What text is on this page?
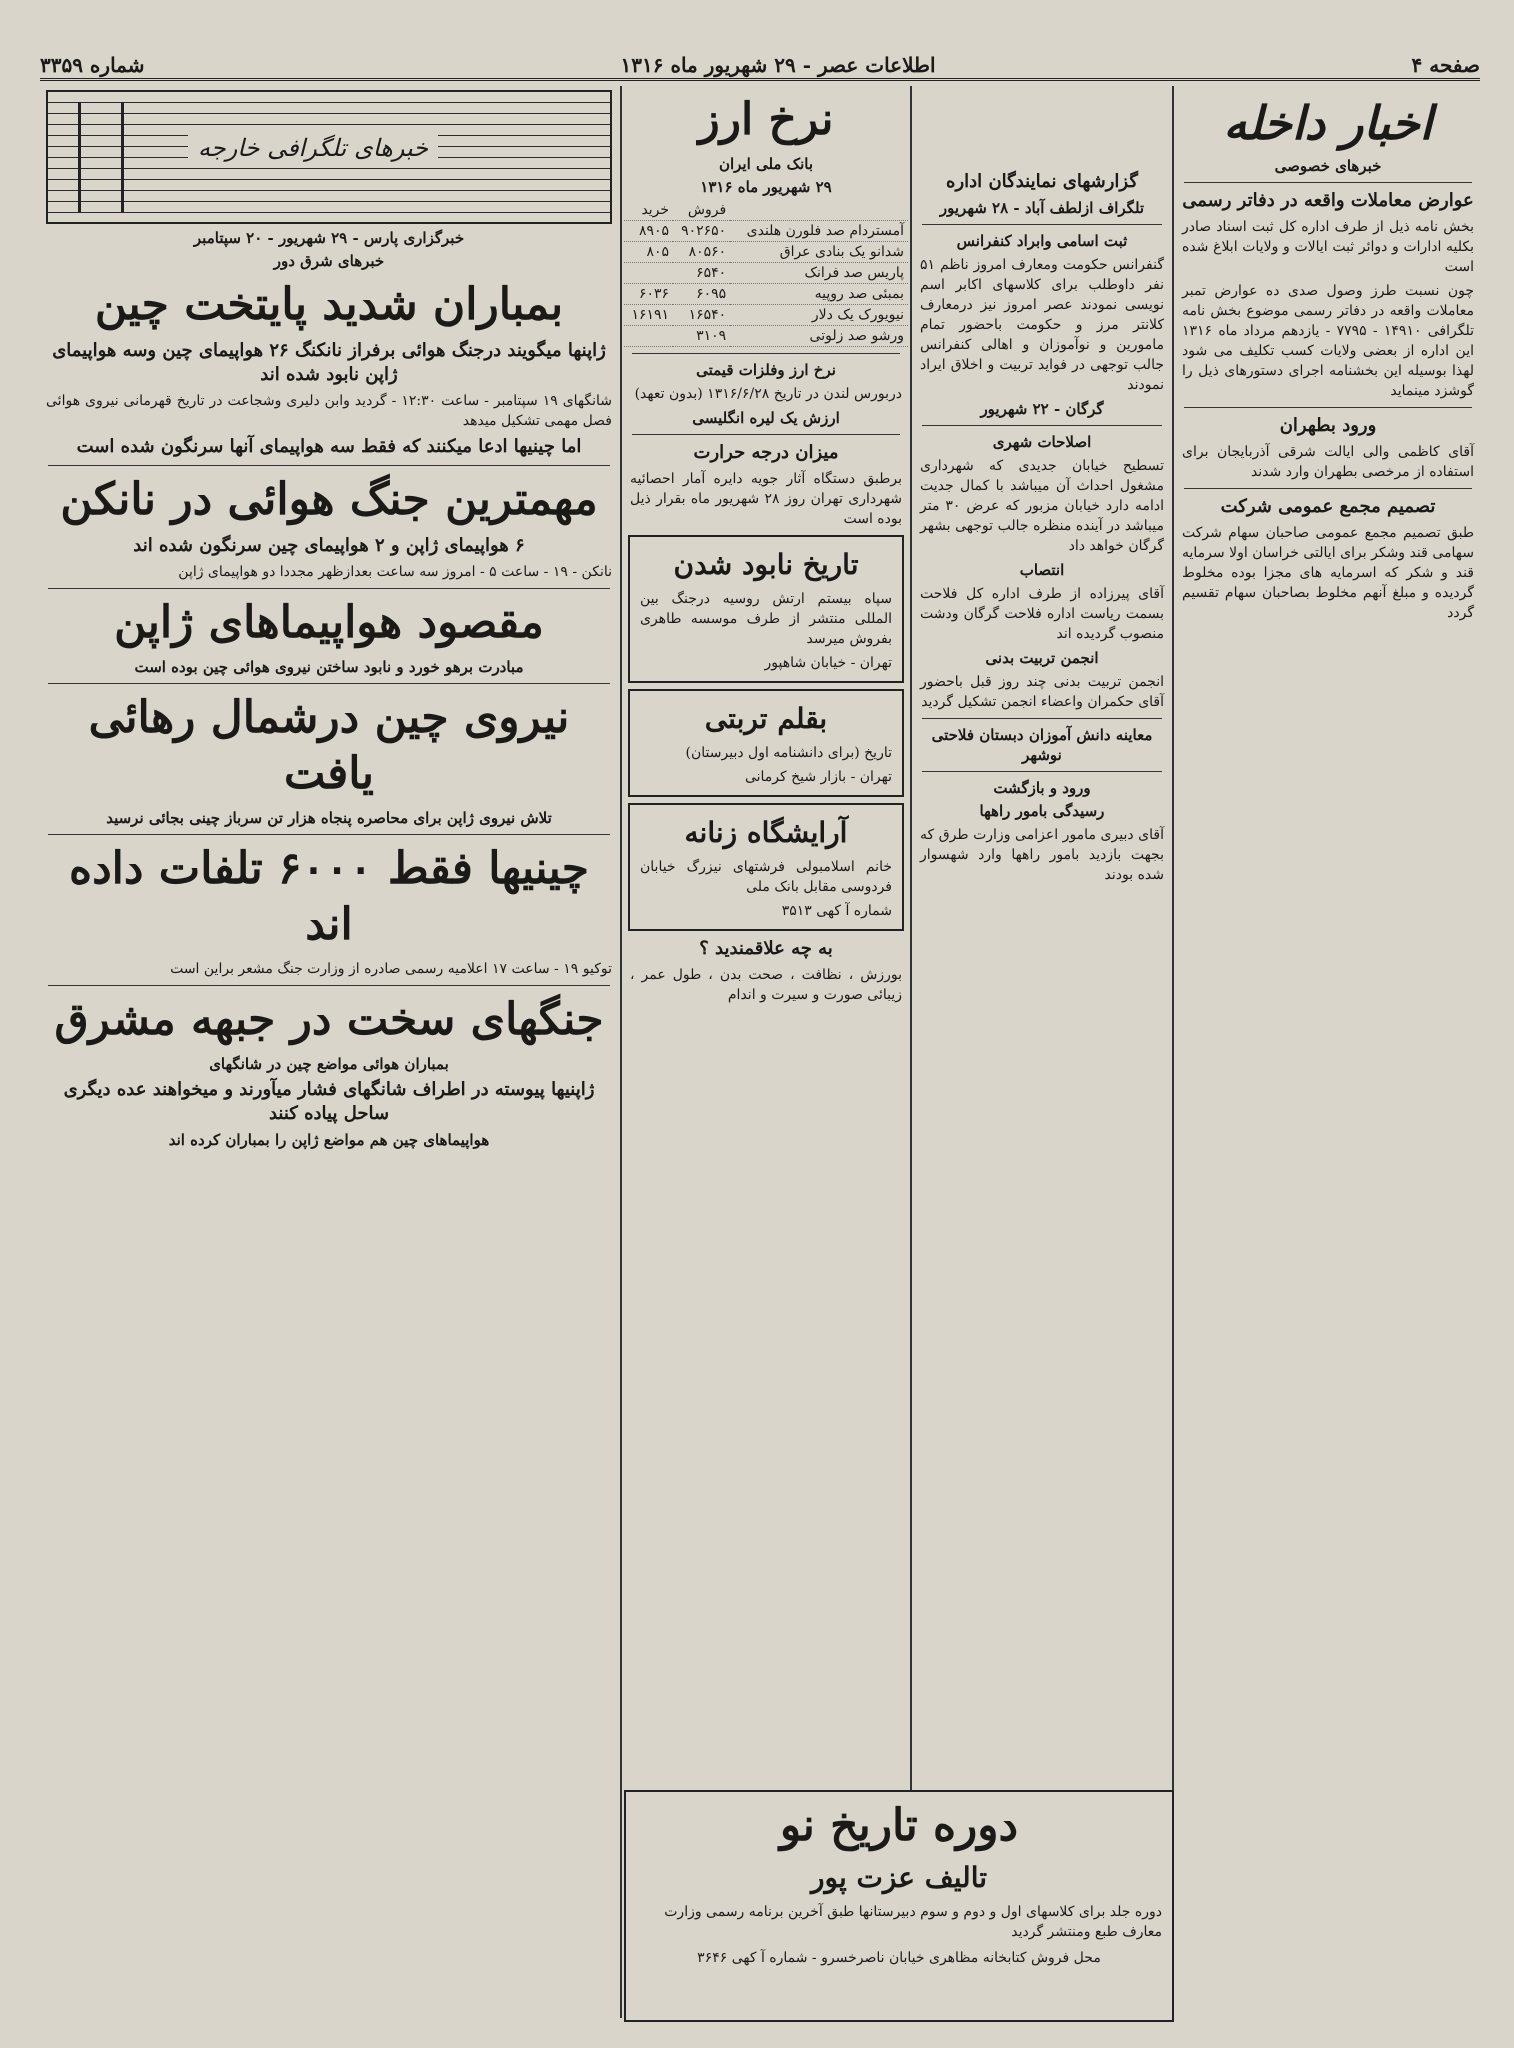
صفحه ۴
اطلاعات عصر - ۲۹ شهریور ماه ۱۳۱۶
شماره ۳۳۵۹
اخبار داخله
خبرهای خصوصی
عوارض معاملات واقعه در دفاتر رسمی

بخش نامه ذیل از طرف اداره کل ثبت اسناد صادر بکلیه ادارات و دوائر ثبت ایالات و ولایات ابلاغ شده است

چون نسبت طرز وصول صدی ده عوارض تمبر معاملات واقعه در دفاتر رسمی موضوع بخش نامه تلگرافی ۱۴۹۱۰ - ۷۷۹۵ - یازدهم مرداد ماه ۱۳۱۶ این اداره از بعضی ولایات کسب تکلیف می شود لهذا بوسیله این بخشنامه اجرای دستورهای ذیل را گوشزد مینماید

ورود بطهران

آقای کاظمی والی ایالت شرقی آذربایجان برای استفاده از مرخصی بطهران وارد شدند

تصمیم مجمع عمومی شرکت

طبق تصمیم مجمع عمومی صاحبان سهام شرکت سهامی قند وشکر برای ایالتی خراسان اولا سرمایه قند و شکر که اسرمایه های مجزا بوده مخلوط گردیده و مبلغ آنهم مخلوط بصاحبان سهام تقسیم گردد

گزارشهای نمایندگان اداره
تلگراف ازلطف آباد - ۲۸ شهریور
ثبت اسامی وابراد کنفرانس

گنفرانس حکومت ومعارف امروز ناظم ۵۱ نفر داوطلب برای کلاسهای اکابر اسم نویسی نمودند عصر امروز نیز درمعارف کلانتر مرز و حکومت باحضور تمام مامورین و نوآموزان و اهالی کنفرانس جالب توجهی در فواید تربیت و اخلاق ایراد نمودند

گرگان - ۲۲ شهریور
اصلاحات شهری

تسطیح خیابان جدیدی که شهرداری مشغول احداث آن میباشد با کمال جدیت ادامه دارد خیابان مزبور که عرض ۳۰ متر میباشد در آینده منظره جالب توجهی بشهر گرگان خواهد داد

انتصاب

آقای پیرزاده از طرف اداره کل فلاحت بسمت ریاست اداره فلاحت گرگان ودشت منصوب گردیده اند

انجمن تربیت بدنی

انجمن تربیت بدنی چند روز قبل باحضور آقای حکمران واعضاء انجمن تشکیل گردید

معاینه دانش آموزان دبستان فلاحتی نوشهر
ورود و بازگشت
رسیدگی بامور راهها

آقای دبیری مامور اعزامی وزارت طرق که بجهت بازدید بامور راهها وارد شهسوار شده بودند

نرخ ارز
بانک ملی ایران
۲۹ شهریور ماه ۱۳۱۶
	فروش	خرید
آمستردام صد فلورن هلندی	۹۰۲۶۵۰	۸۹۰۵
شدانو یک بنادی عراق	۸۰۵۶۰	۸۰۵
پاریس صد فرانک	۶۵۴۰	
بمبئی صد روپیه	۶۰۹۵	۶۰۳۶
نیویورک یک دلار	۱۶۵۴۰	۱۶۱۹۱
ورشو صد زلوتی	۳۱۰۹	
نرخ ارز وفلزات قیمتی

دربورس لندن در تاریخ ۱۳۱۶/۶/۲۸ (بدون تعهد)

ارزش یک لیره انگلیسی
میزان درجه حرارت

برطبق دستگاه آثار جویه دایره آمار احصائیه شهرداری تهران روز ۲۸ شهریور ماه بقرار ذیل بوده است

تاریخ نابود شدن

سپاه بیستم ارتش روسیه درجنگ بین المللی منتشر از طرف موسسه طاهری بفروش میرسد

تهران - خیابان شاهپور

بقلم تربتی

تاریخ (برای دانشنامه اول دبیرستان)

تهران - بازار شیخ کرمانی

آرایشگاه زنانه

خانم اسلامبولی فرشتهای نیزرگ خیابان فردوسی مقابل بانک ملی

شماره آ کهی ۳۵۱۳

به چه علاقمندید ؟

بورزش ، نظافت ، صحت بدن ، طول عمر ، زیبائی صورت و سیرت و اندام

خبرهای تلگرافی خارجه
خبرگزاری پارس - ۲۹ شهریور - ۲۰ سپتامبر
خبرهای شرق دور
بمباران شدید پایتخت چین
ژاپنها میگویند درجنگ هوائی برفراز نانکنگ ۲۶ هواپیمای چین وسه هواپیمای ژاپن نابود شده اند

شانگهای ۱۹ سپتامبر - ساعت ۱۲:۳۰ - گردید وابن دلیری وشجاعت در تاریخ قهرمانی نیروی هوائی فصل مهمی تشکیل میدهد

اما چینیها ادعا میکنند که فقط سه هواپیمای آنها سرنگون شده است
مهمترین جنگ هوائی در نانکن
۶ هواپیمای ژاپن و ۲ هواپیمای چین سرنگون شده اند

نانکن - ۱۹ - ساعت ۵ - امروز سه ساعت بعدازظهر مجددا دو هواپیمای ژاپن

مقصود هواپیماهای ژاپن
مبادرت برهو خورد و نابود ساختن نیروی هوائی چین بوده است
نیروی چین درشمال رهائی یافت
تلاش نیروی ژاپن برای محاصره پنجاه هزار تن سرباز چینی بجائی نرسید
چینیها فقط ۶۰۰۰ تلفات داده اند

توکیو ۱۹ - ساعت ۱۷ اعلامیه رسمی صادره از وزارت جنگ مشعر براین است

جنگهای سخت در جبهه مشرق
بمباران هوائی مواضع چین در شانگهای
ژاپنیها پیوسته در اطراف شانگهای فشار میآورند و میخواهند عده دیگری ساحل پیاده کنند
هواپیماهای چین هم مواضع ژاپن را بمباران کرده اند
دوره تاریخ نو
تالیف عزت پور

دوره جلد برای کلاسهای اول و دوم و سوم دبیرستانها طبق آخرین برنامه رسمی وزارت معارف طبع ومنتشر گردید

محل فروش کتابخانه مظاهری خیابان ناصرخسرو - شماره آ کهی ۳۶۴۶
